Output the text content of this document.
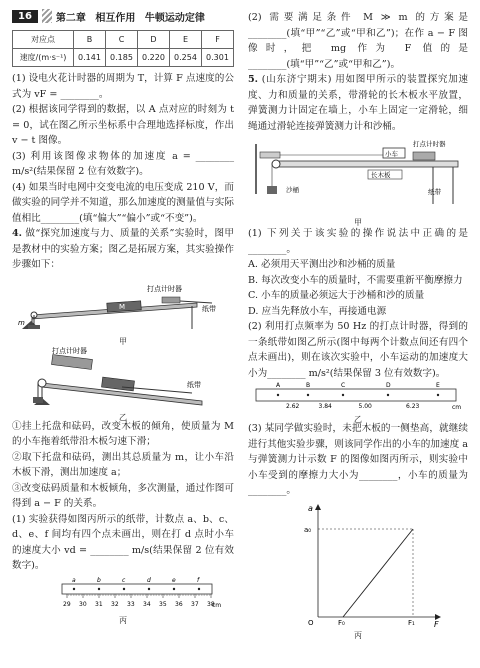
16	第二章 相互作用 牛顿运动定律
对应点	B	C	D	E	F
速度/(m·s⁻¹)	0.141	0.185	0.220	0.254	0.301

(1) 设电火花计时器的周期为 T，计算 F 点速度的公式为 vF = ________。

(2) 根据该同学得到的数据，以 A 点对应的时刻为 t = 0，试在图乙所示坐标系中合理地选择标度，作出 v − t 图像。

(3) 利用该图像求物体的加速度 a = ________ m/s²(结果保留 2 位有效数字)。

(4) 如果当时电网中交变电流的电压变成 210 V，而做实验的同学并不知道，那么加速度的测量值与实际值相比________(填“偏大”“偏小”或“不变”)。

4. 做“探究加速度与力、质量的关系”实验时，图甲是教材中的实验方案；图乙是拓展方案，其实验操作步骤如下：

M
打点计时器
纸带
m
甲
打点计时器
纸带
乙

①挂上托盘和砝码，改变木板的倾角，使质量为 M 的小车拖着纸带沿木板匀速下滑；

②取下托盘和砝码，测出其总质量为 m，让小车沿木板下滑，测出加速度 a；

③改变砝码质量和木板倾角，多次测量，通过作图可得到 a − F 的关系。

(1) 实验获得如图丙所示的纸带，计数点 a、b、c、d、e、f 间均有四个点未画出，则在打 d 点时小车的速度大小 vd = ________ m/s(结果保留 2 位有效数字)。

29 30 31 32 33 34 35 36 37 38
a	b	c	d	e	f
cm
丙

(2) 需要满足条件 M ≫ m 的方案是________(填“甲”“乙”或“甲和乙”)；在作 a − F 图像时，把 mg 作为 F 值的是________(填“甲”“乙”或“甲和乙”)。

5. (山东济宁期末) 用如图甲所示的装置探究加速度、力和质量的关系，带滑轮的长木板水平放置，弹簧测力计固定在墙上，小车上固定一定滑轮，细绳通过滑轮连接弹簧测力计和沙桶。

小车
打点计时器
长木板
沙桶	纸带
甲

(1) 下列关于该实验的操作说法中正确的是________。

A. 必须用天平测出沙和沙桶的质量

B. 每次改变小车的质量时，不需要重新平衡摩擦力

C. 小车的质量必须远大于沙桶和沙的质量

D. 应当先释放小车，再接通电源

(2) 利用打点频率为 50 Hz 的打点计时器，得到的一条纸带如图乙所示(图中每两个计数点间还有四个点未画出)，则在该次实验中，小车运动的加速度大小为________ m/s²(结果保留 3 位有效数字)。

A	B	C	D	E
2.62	3.84	5.00	6.23	cm
乙

(3) 某同学做实验时，未把木板的一侧垫高，就继续进行其他实验步骤，则该同学作出的小车的加速度 a 与弹簧测力计示数 F 的图像如图丙所示，则实验中小车受到的摩擦力大小为________，小车的质量为________。

a
F
O
a₀
F₀	F₁
丙
